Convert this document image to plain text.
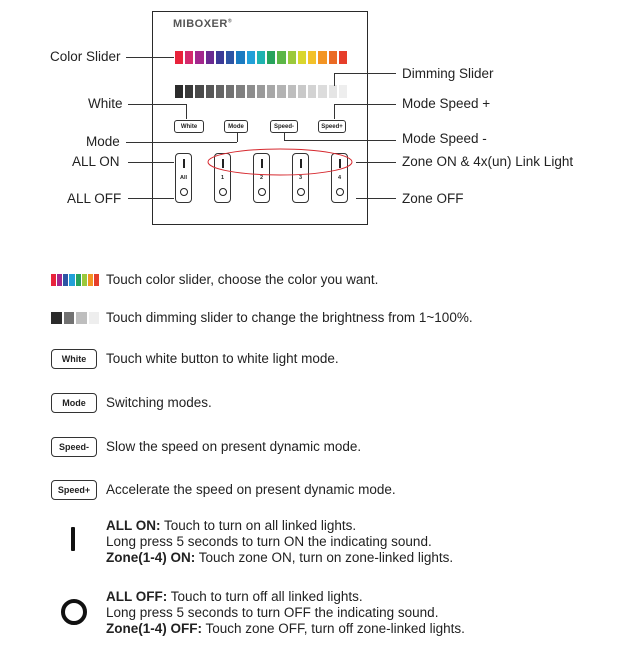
MIBOXER®
White	Mode	Speed-	Speed+
All	1	2	3	4
Color Slider
White
Mode
ALL ON
ALL OFF
Dimming Slider
Mode Speed +
Mode Speed -
Zone ON & 4x(un) Link Light
Zone OFF
Touch color slider, choose the color you want.
Touch dimming slider to change the brightness from 1~100%.
White Touch white button to white light mode.
Mode Switching modes.
Speed- Slow the speed on present dynamic mode.
Speed+ Accelerate the speed on present dynamic mode.
ALL ON: Touch to turn on all linked lights.
Long press 5 seconds to turn ON the indicating sound.
Zone(1-4) ON: Touch zone ON, turn on zone-linked lights.
ALL OFF: Touch to turn off all linked lights.
Long press 5 seconds to turn OFF the indicating sound.
Zone(1-4) OFF: Touch zone OFF, turn off zone-linked lights.
